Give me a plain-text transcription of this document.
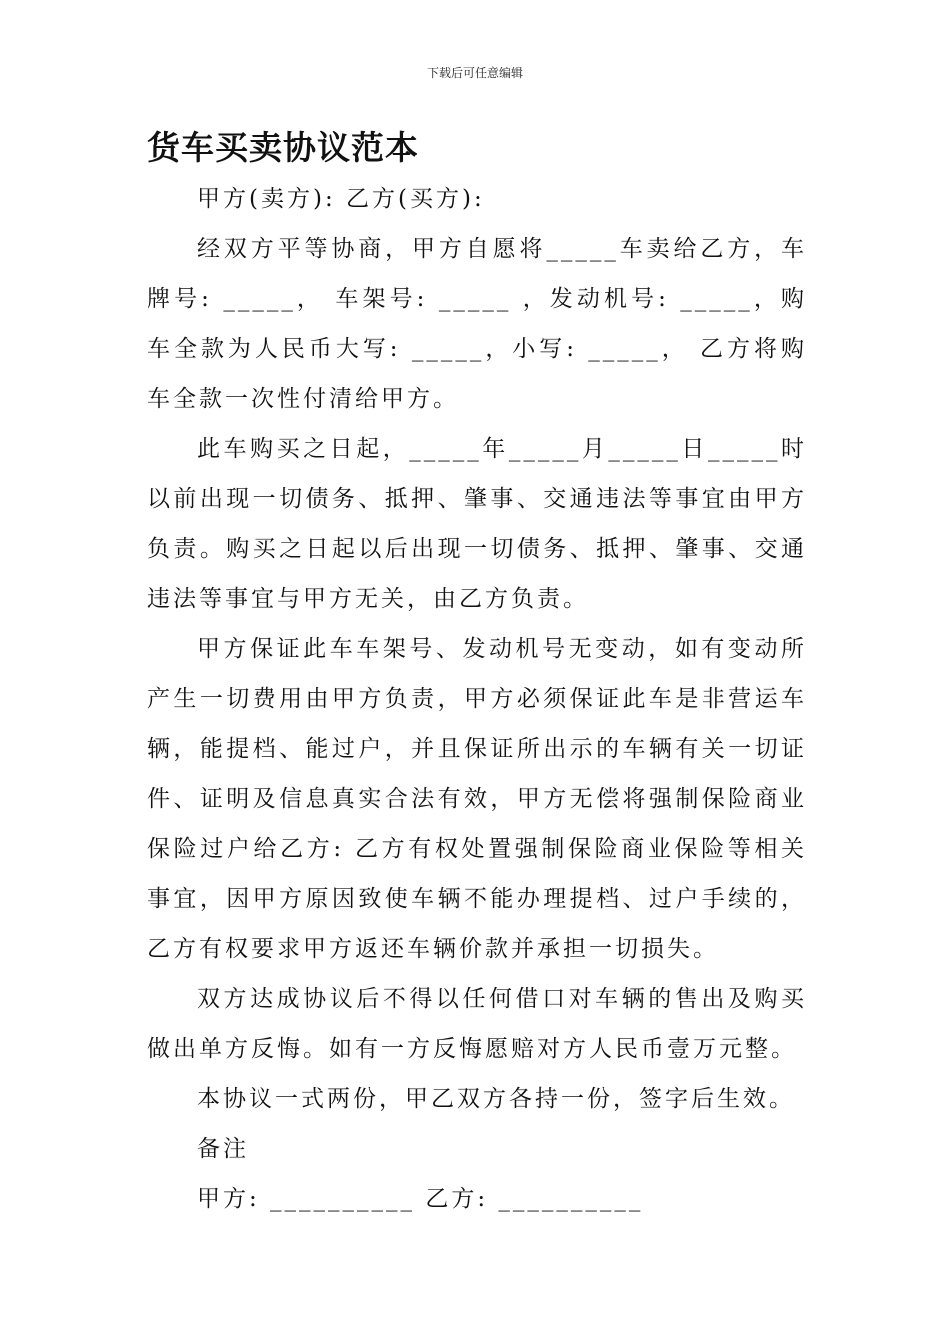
下载后可任意编辑
货车买卖协议范本

甲方(卖方): 乙方(买方):

经双方平等协商，甲方自愿将_____车卖给乙方，车牌号: _____， 车架号: _____ ，发动机号: _____，购车全款为人民币大写: _____，小写: _____， 乙方将购车全款一次性付清给甲方。

此车购买之日起，_____年_____月_____日_____时以前出现一切债务、抵押、肇事、交通违法等事宜由甲方负责。购买之日起以后出现一切债务、抵押、肇事、交通违法等事宜与甲方无关，由乙方负责。

甲方保证此车车架号、发动机号无变动，如有变动所产生一切费用由甲方负责，甲方必须保证此车是非营运车辆，能提档、能过户，并且保证所出示的车辆有关一切证件、证明及信息真实合法有效，甲方无偿将强制保险商业保险过户给乙方: 乙方有权处置强制保险商业保险等相关事宜，因甲方原因致使车辆不能办理提档、过户手续的，乙方有权要求甲方返还车辆价款并承担一切损失。

双方达成协议后不得以任何借口对车辆的售出及购买做出单方反悔。如有一方反悔愿赔对方人民币壹万元整。

本协议一式两份，甲乙双方各持一份，签字后生效。

备注

甲方: __________ 乙方: __________
